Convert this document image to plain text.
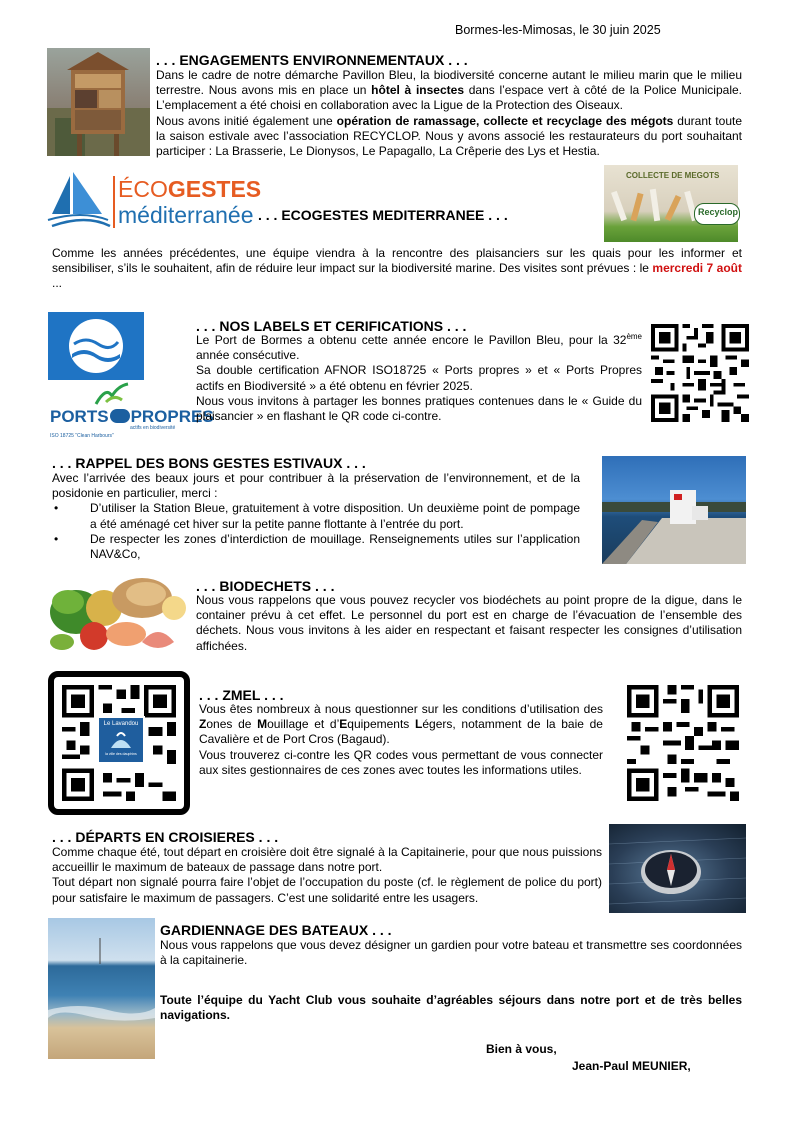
Bormes-les-Mimosas, le 30 juin 2025
. . . ENGAGEMENTS ENVIRONNEMENTAUX . . .

Dans le cadre de notre démarche Pavillon Bleu, la biodiversité concerne autant le milieu marin que le milieu terrestre. Nous avons mis en place un hôtel à insectes dans l’espace vert à côté de la Police Municipale. L’emplacement a été choisi en collaboration avec la Ligue de la Protection des Oiseaux.

Nous avons initié également une opération de ramassage, collecte et recyclage des mégots durant toute la saison estivale avec l’association RECYCLOP. Nous y avons associé les restaurateurs du port souhaitant participer : La Brasserie, Le Dionysos, Le Papagallo, La Crêperie des Lys et Hestia.

ÉCOGESTES
méditerranée . . . ECOGESTES MEDITERRANEE . . .
COLLECTE DE MEGOTS
Recyclop
Comme les années précédentes, une équipe viendra à la rencontre des plaisanciers sur les quais pour les informer et sensibiliser, s’ils le souhaitent, afin de réduire leur impact sur la biodiversité marine. Des visites sont prévues : le mercredi 7 août ...
PORTS PROPRES
actifs en biodiversité
ISO 18725 “Clean Harbours”
. . . NOS LABELS ET CERIFICATIONS . . .

Le Port de Bormes a obtenu cette année encore le Pavillon Bleu, pour la 32ème année consécutive.

Sa double certification AFNOR ISO18725 « Ports propres » et « Ports Propres actifs en Biodiversité » a été obtenu en février 2025.

Nous vous invitons à partager les bonnes pratiques contenues dans le « Guide du plaisancier » en flashant le QR code ci-contre.

. . . RAPPEL DES BONS GESTES ESTIVAUX . . .

Avec l’arrivée des beaux jours et pour contribuer à la préservation de l’environnement, et de la posidonie en particulier, merci :

• D’utiliser la Station Bleue, gratuitement à votre disposition. Un deuxième point de pompage a été aménagé cet hiver sur la petite panne flottante à l’entrée du port.
• De respecter les zones d’interdiction de mouillage. Renseignements utiles sur l’application NAV&Co,
. . . BIODECHETS . . .
Nous vous rappelons que vous pouvez recycler vos biodéchets au point propre de la digue, dans le container prévu à cet effet. Le personnel du port est en charge de l’évacuation de l’ensemble des déchets. Nous vous invitons à les aider en respectant et faisant respecter les consignes d’utilisation affichées.
Le Lavandou
la ville des dauphins
. . . ZMEL . . .

Vous êtes nombreux à nous questionner sur les conditions d’utilisation des Zones de Mouillage et d’Equipements Légers, notamment de la baie de Cavalière et de Port Cros (Bagaud).

Vous trouverez ci-contre les QR codes vous permettant de vous connecter aux sites gestionnaires de ces zones avec toutes les informations utiles.

. . . DÉPARTS EN CROISIERES . . .

Comme chaque été, tout départ en croisière doit être signalé à la Capitainerie, pour que nous puissions accueillir le maximum de bateaux de passage dans notre port.

Tout départ non signalé pourra faire l’objet de l’occupation du poste (cf. le règlement de police du port) pour satisfaire le maximum de passagers. C’est une solidarité entre les usagers.

GARDIENNAGE DES BATEAUX . . .
Nous vous rappelons que vous devez désigner un gardien pour votre bateau et transmettre ses coordonnées à la capitainerie.
Toute l’équipe du Yacht Club vous souhaite d’agréables séjours dans notre port et de très belles navigations.
Bien à vous,
Jean-Paul MEUNIER,
